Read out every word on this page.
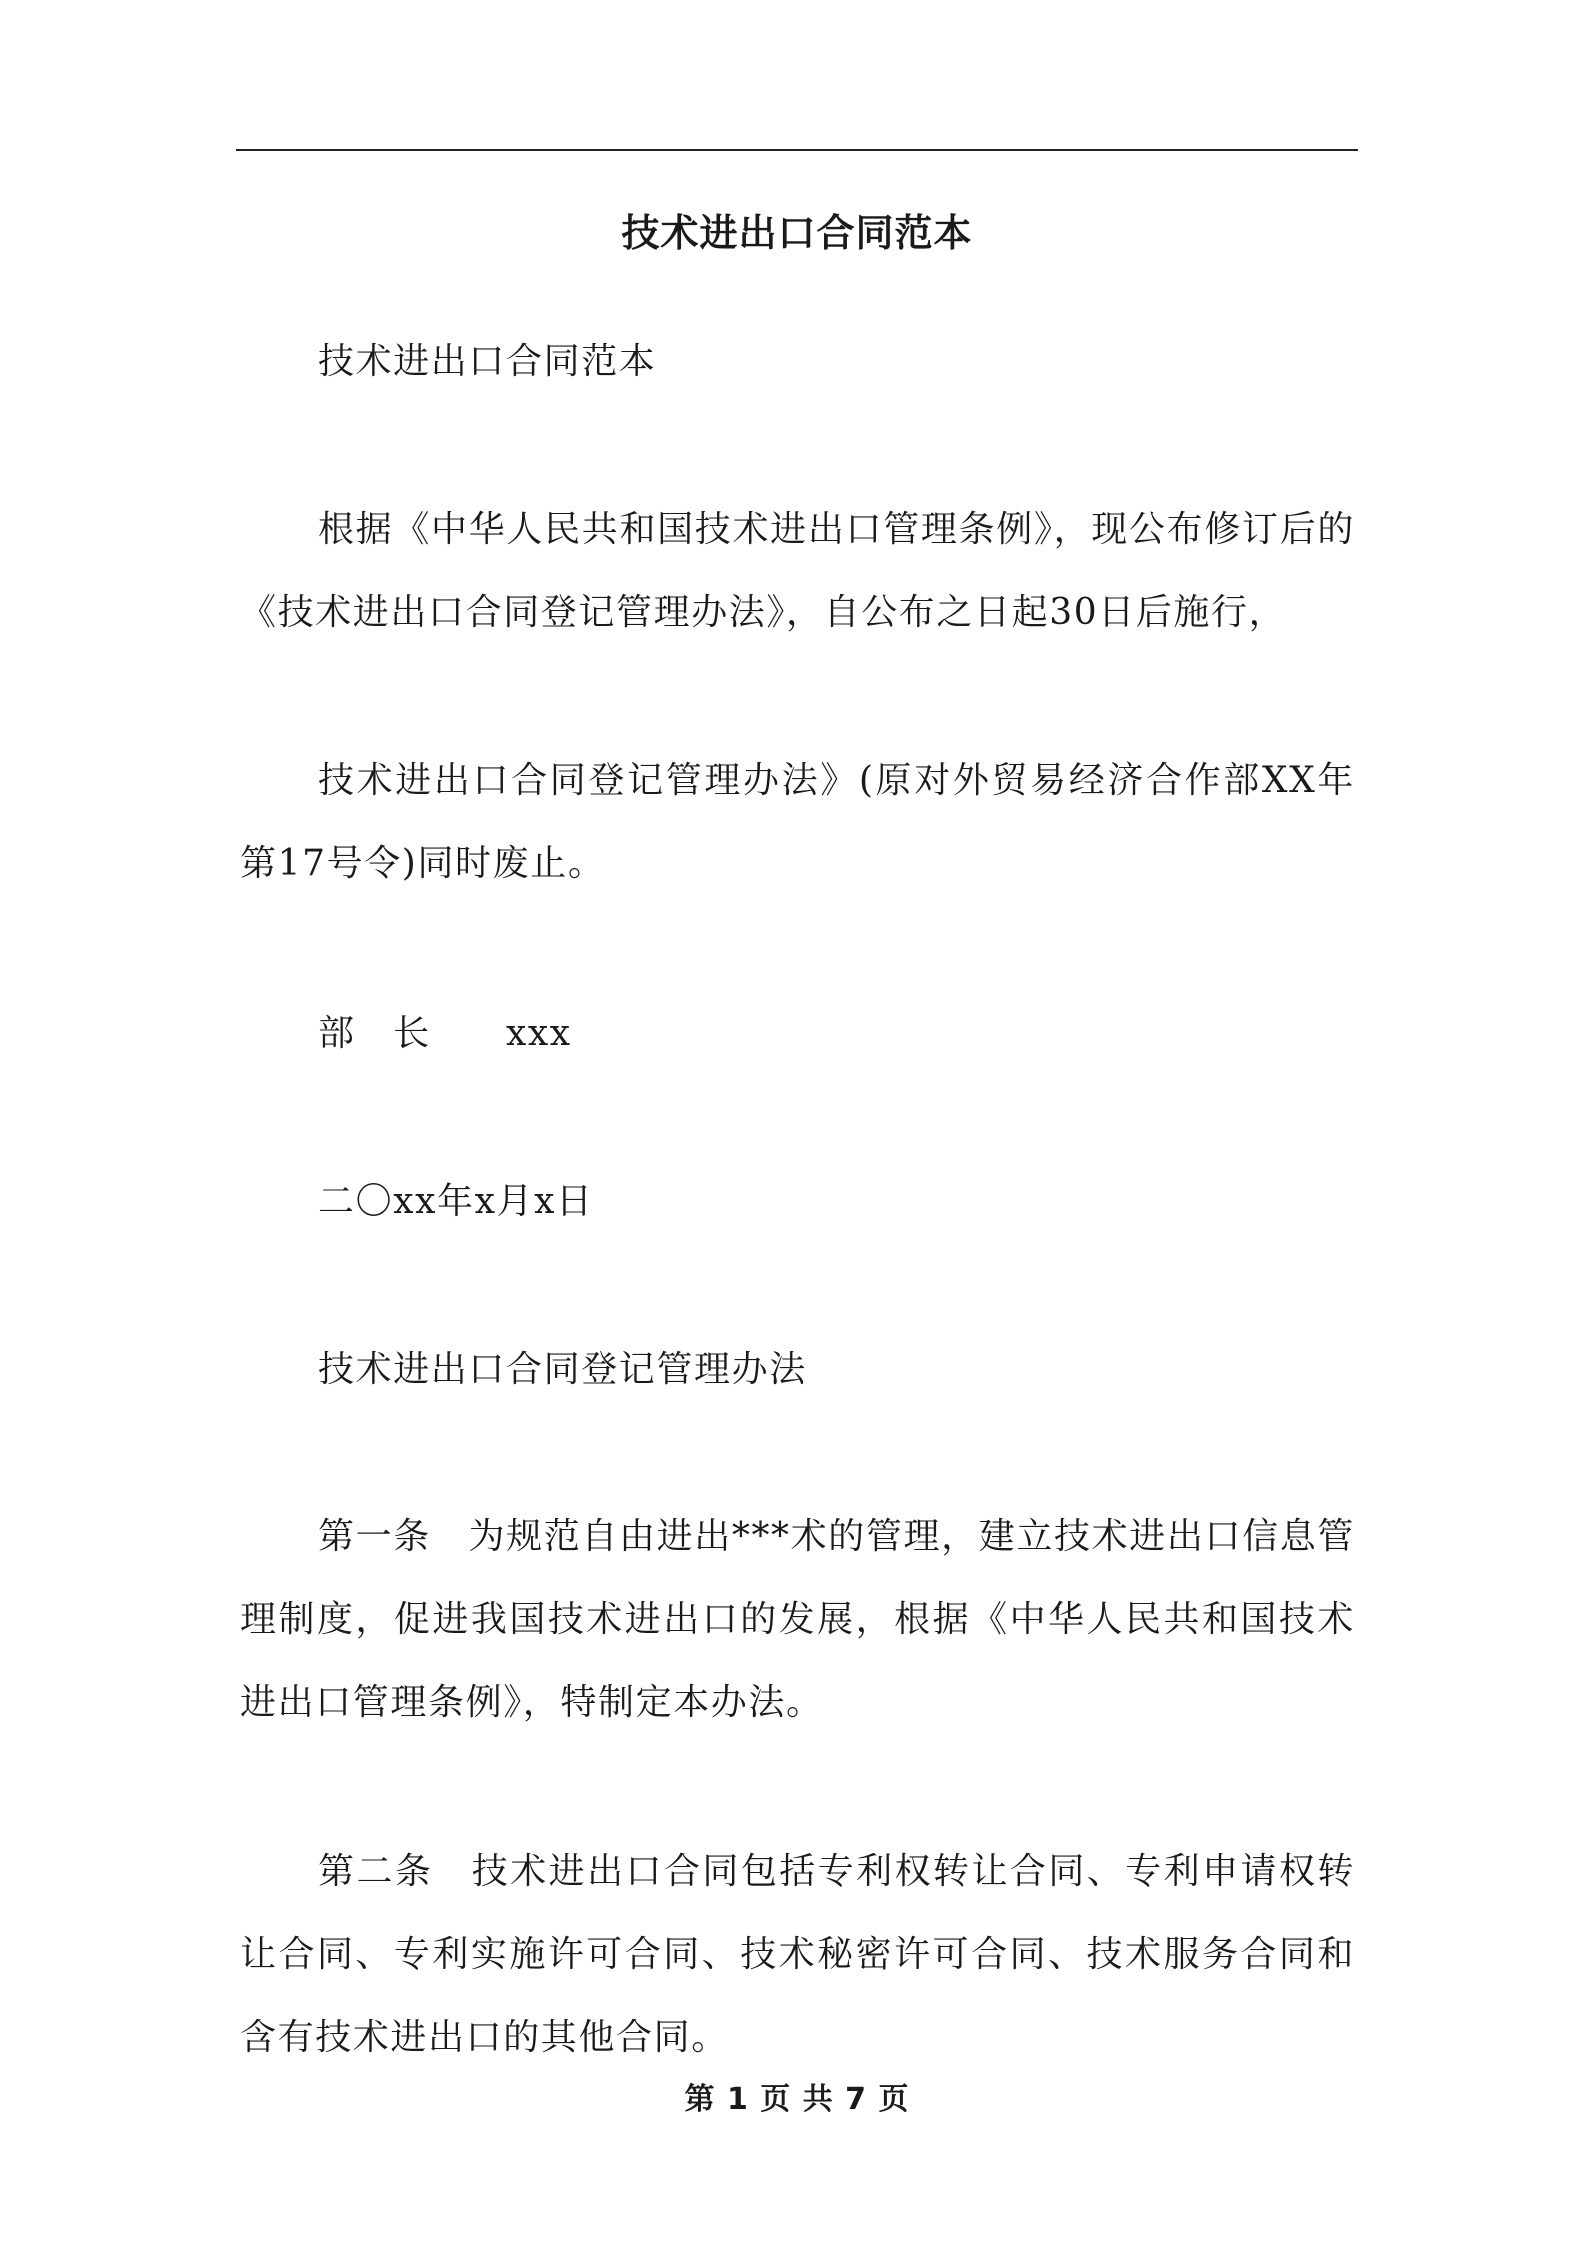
技术进出口合同范本

技术进出口合同范本

根据《中华人民共和国技术进出口管理条例》，现公布修订后的《技术进出口合同登记管理办法》，自公布之日起30日后施行，

技术进出口合同登记管理办法》(原对外贸易经济合作部XX年第17号令)同时废止。

部　长　　xxx

二〇xx年x月x日

技术进出口合同登记管理办法

第一条　为规范自由进出***术的管理，建立技术进出口信息管理制度，促进我国技术进出口的发展，根据《中华人民共和国技术进出口管理条例》，特制定本办法。

第二条　技术进出口合同包括专利权转让合同、专利申请权转让合同、专利实施许可合同、技术秘密许可合同、技术服务合同和含有技术进出口的其他合同。

第 1 页 共 7 页
